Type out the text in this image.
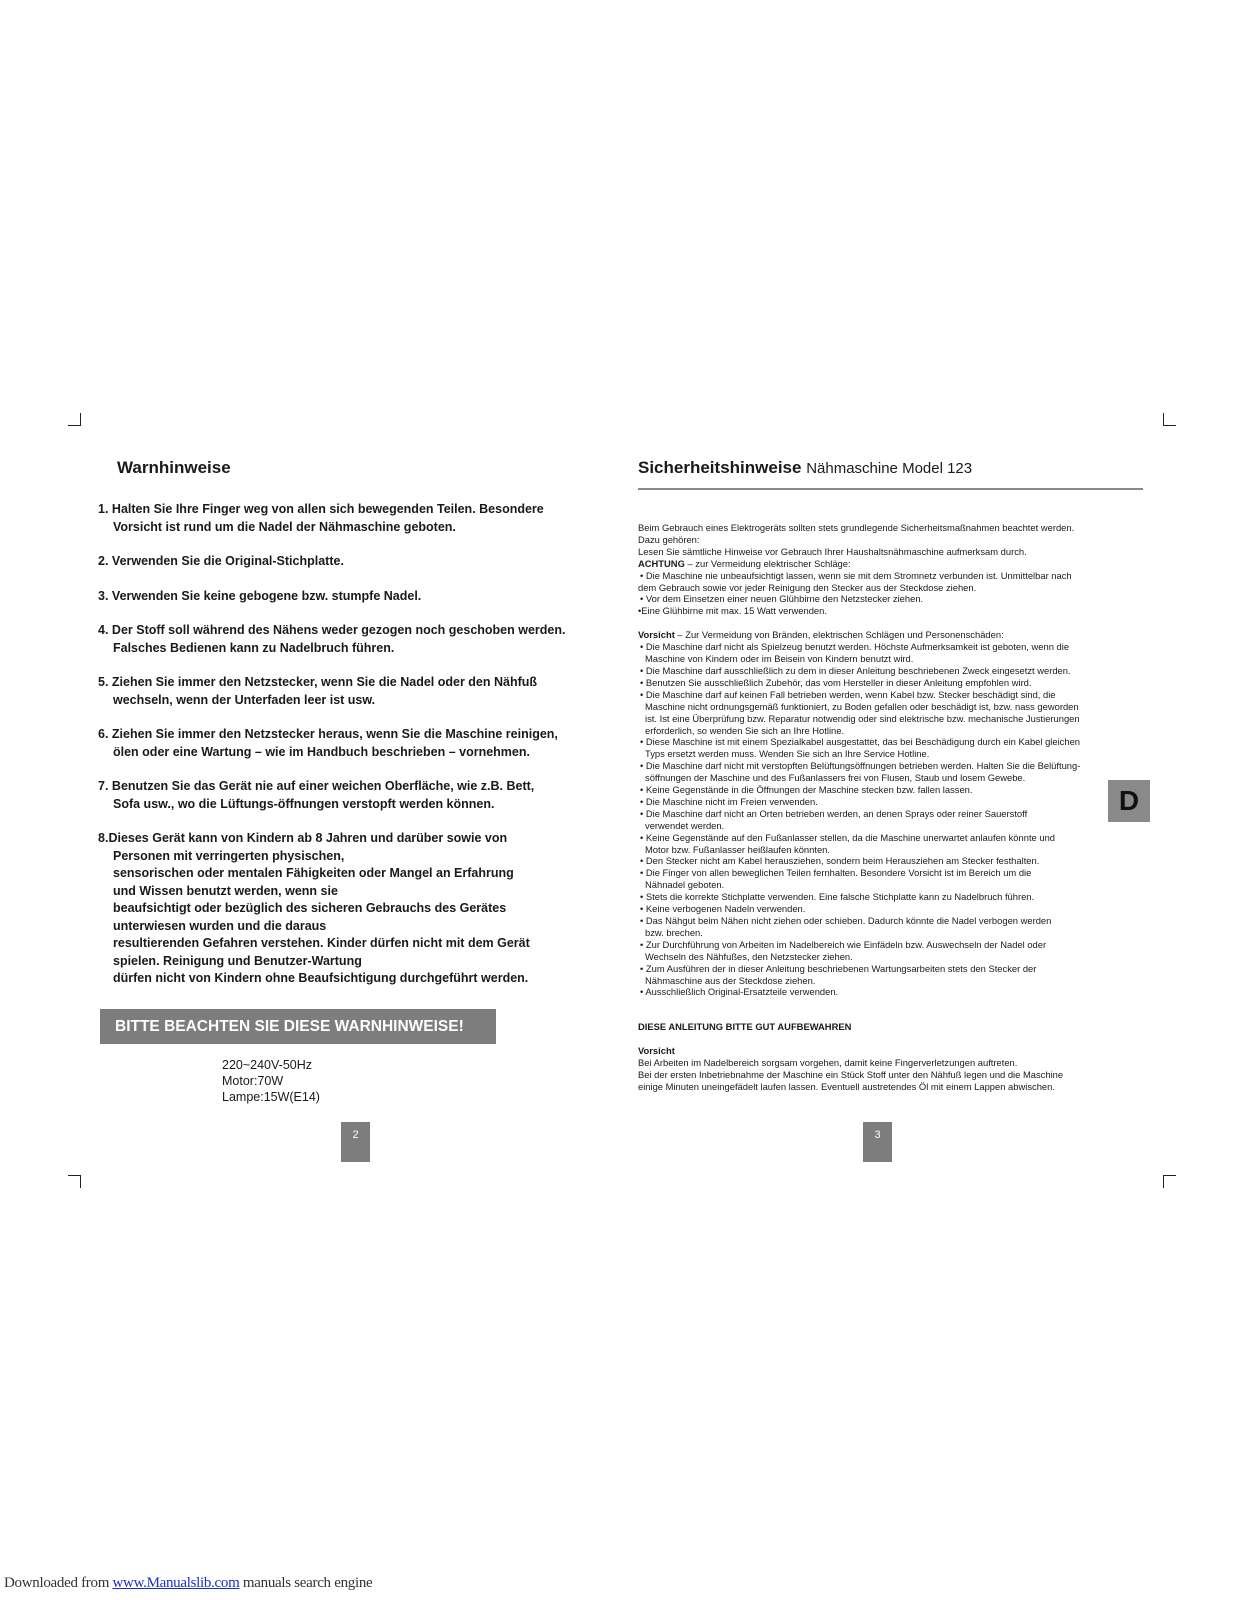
Warnhinweise
1. Halten Sie Ihre Finger weg von allen sich bewegenden Teilen. Besondere
Vorsicht ist rund um die Nadel der Nähmaschine geboten.
2. Verwenden Sie die Original-Stichplatte.
3. Verwenden Sie keine gebogene bzw. stumpfe Nadel.
4. Der Stoff soll während des Nähens weder gezogen noch geschoben werden.
Falsches Bedienen kann zu Nadelbruch führen.
5. Ziehen Sie immer den Netzstecker, wenn Sie die Nadel oder den Nähfuß
wechseln, wenn der Unterfaden leer ist usw.
6. Ziehen Sie immer den Netzstecker heraus, wenn Sie die Maschine reinigen,
ölen oder eine Wartung – wie im Handbuch beschrieben – vornehmen.
7. Benutzen Sie das Gerät nie auf einer weichen Oberfläche, wie z.B. Bett,
Sofa usw., wo die Lüftungs-öffnungen verstopft werden können.
8.Dieses Gerät kann von Kindern ab 8 Jahren und darüber sowie von
Personen mit verringerten physischen,
sensorischen oder mentalen Fähigkeiten oder Mangel an Erfahrung
und Wissen benutzt werden, wenn sie
beaufsichtigt oder bezüglich des sicheren Gebrauchs des Gerätes
unterwiesen wurden und die daraus
resultierenden Gefahren verstehen. Kinder dürfen nicht mit dem Gerät
spielen. Reinigung und Benutzer-Wartung
dürfen nicht von Kindern ohne Beaufsichtigung durchgeführt werden.
BITTE BEACHTEN SIE DIESE WARNHINWEISE!
220~240V-50Hz
Motor:70W
Lampe:15W(E14)
2
Sicherheitshinweise Nähmaschine Model 123

Beim Gebrauch eines Elektrogeräts sollten stets grundlegende Sicherheitsmaßnahmen beachtet werden.

Dazu gehören:

Lesen Sie sämtliche Hinweise vor Gebrauch Ihrer Haushaltsnähmaschine aufmerksam durch.

ACHTUNG – zur Vermeidung elektrischer Schläge:

• Die Maschine nie unbeaufsichtigt lassen, wenn sie mit dem Stromnetz verbunden ist. Unmittelbar nach

dem Gebrauch sowie vor jeder Reinigung den Stecker aus der Steckdose ziehen.

• Vor dem Einsetzen einer neuen Glühbirne den Netzstecker ziehen.

•Eine Glühbirne mit max. 15 Watt verwenden.

Vorsicht – Zur Vermeidung von Bränden, elektrischen Schlägen und Personenschäden:

• Die Maschine darf nicht als Spielzeug benutzt werden. Höchste Aufmerksamkeit ist geboten, wenn die

Maschine von Kindern oder im Beisein von Kindern benutzt wird.

• Die Maschine darf ausschließlich zu dem in dieser Anleitung beschriebenen Zweck eingesetzt werden.

• Benutzen Sie ausschließlich Zubehör, das vom Hersteller in dieser Anleitung empfohlen wird.

• Die Maschine darf auf keinen Fall betrieben werden, wenn Kabel bzw. Stecker beschädigt sind, die

Maschine nicht ordnungsgemäß funktioniert, zu Boden gefallen oder beschädigt ist, bzw. nass geworden

ist. Ist eine Überprüfung bzw. Reparatur notwendig oder sind elektrische bzw. mechanische Justierungen

erforderlich, so wenden Sie sich an Ihre Hotline.

• Diese Maschine ist mit einem Spezialkabel ausgestattet, das bei Beschädigung durch ein Kabel gleichen

Typs ersetzt werden muss. Wenden Sie sich an Ihre Service Hotline.

• Die Maschine darf nicht mit verstopften Belüftungsöffnungen betrieben werden. Halten Sie die Belüftung-

söffnungen der Maschine und des Fußanlassers frei von Flusen, Staub und losem Gewebe.

• Keine Gegenstände in die Öffnungen der Maschine stecken bzw. fallen lassen.

• Die Maschine nicht im Freien verwenden.

• Die Maschine darf nicht an Orten betrieben werden, an denen Sprays oder reiner Sauerstoff

verwendet werden.

• Keine Gegenstände auf den Fußanlasser stellen, da die Maschine unerwartet anlaufen könnte und

Motor bzw. Fußanlasser heißlaufen könnten.

• Den Stecker nicht am Kabel herausziehen, sondern beim Herausziehen am Stecker festhalten.

• Die Finger von allen beweglichen Teilen fernhalten. Besondere Vorsicht ist im Bereich um die

Nähnadel geboten.

• Stets die korrekte Stichplatte verwenden. Eine falsche Stichplatte kann zu Nadelbruch führen.

• Keine verbogenen Nadeln verwenden.

• Das Nähgut beim Nähen nicht ziehen oder schieben. Dadurch könnte die Nadel verbogen werden

bzw. brechen.

• Zur Durchführung von Arbeiten im Nadelbereich wie Einfädeln bzw. Auswechseln der Nadel oder

Wechseln des Nähfußes, den Netzstecker ziehen.

• Zum Ausführen der in dieser Anleitung beschriebenen Wartungsarbeiten stets den Stecker der

Nähmaschine aus der Steckdose ziehen.

• Ausschließlich Original-Ersatzteile verwenden.

DIESE ANLEITUNG BITTE GUT AUFBEWAHREN

Vorsicht

Bei Arbeiten im Nadelbereich sorgsam vorgehen, damit keine Fingerverletzungen auftreten.

Bei der ersten Inbetriebnahme der Maschine ein Stück Stoff unter den Nähfuß legen und die Maschine

einige Minuten uneingefädelt laufen lassen. Eventuell austretendes Öl mit einem Lappen abwischen.

D
3
Downloaded from www.Manualslib.com manuals search engine
